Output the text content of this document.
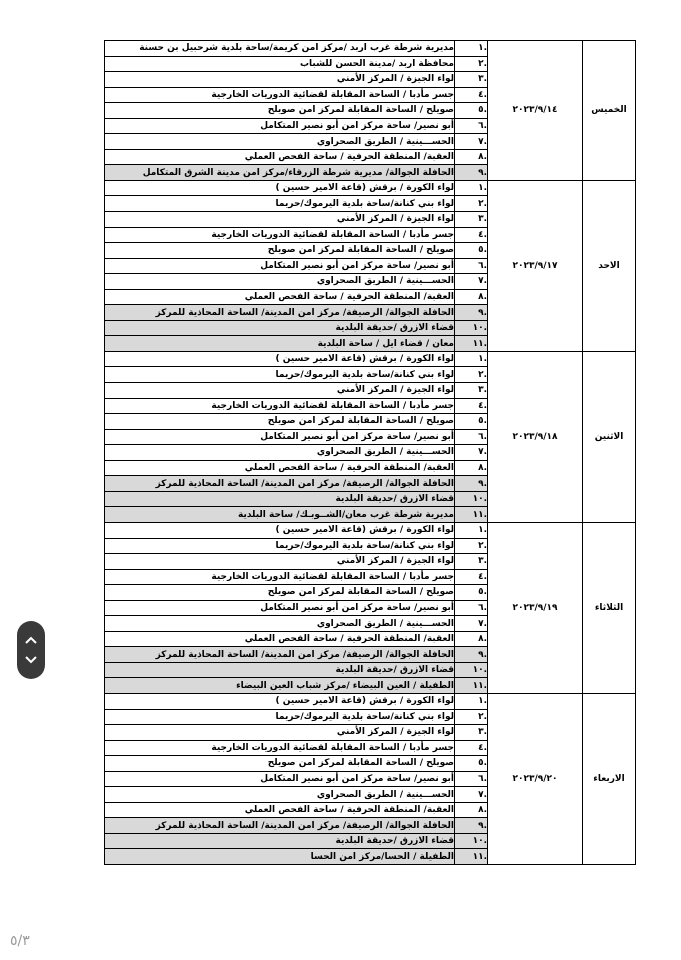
الخميس	٢٠٢٣/٩/١٤	.١	مديرية شرطة غرب اربد /مركز امن كريمة/ساحة بلدية شرحبيل بن حسنة
		.٢	محافظة اربد /مدينة الحسن للشباب
		.٣	لواء الجيزة / المركز الأمني
		.٤	جسر مأدبا / الساحة المقابلة لقضائية الدوريات الخارجية
		.٥	صويلح / الساحة المقابلة لمركز امن صويلح
		.٦	أبو نصير/ ساحة مركز امن أبو نصير المتكامل
		.٧	الحســـينية / الطريق الصحراوي
		.٨	العقبة/ المنطقة الحرفية / ساحة الفحص العملي
		.٩	الحافلة الجوالة/ مديرية شرطة الزرقاء/مركز امن مدينة الشرق المتكامل
الاحد	٢٠٢٣/٩/١٧	.١	لواء الكورة / برقش (قاعة الامير حسين )
		.٢	لواء بني كنانة/ساحة بلدية اليرموك/حريما
		.٣	لواء الجيزة / المركز الأمني
		.٤	جسر مأدبا / الساحة المقابلة لقضائية الدوريات الخارجية
		.٥	صويلح / الساحة المقابلة لمركز امن صويلح
		.٦	أبو نصير/ ساحة مركز امن أبو نصير المتكامل
		.٧	الحســـينية / الطريق الصحراوي
		.٨	العقبة/ المنطقة الحرفية / ساحة الفحص العملي
		.٩	الحافلة الجوالة/ الرصيفة/ مركز امن المدينة/ الساحة المحاذية للمركز
		.١٠	قضاء الازرق /حديقة البلدية
		.١١	معان / قضاء ايل / ساحة البلدية
الاثنين	٢٠٢٣/٩/١٨	.١	لواء الكورة / برقش (قاعة الامير حسين )
		.٢	لواء بني كنانة/ساحة بلدية اليرموك/حريما
		.٣	لواء الجيزة / المركز الأمني
		.٤	جسر مأدبا / الساحة المقابلة لقضائية الدوريات الخارجية
		.٥	صويلح / الساحة المقابلة لمركز امن صويلح
		.٦	أبو نصير/ ساحة مركز امن أبو نصير المتكامل
		.٧	الحســـينية / الطريق الصحراوي
		.٨	العقبة/ المنطقة الحرفية / ساحة الفحص العملي
		.٩	الحافلة الجوالة/ الرصيفة/ مركز امن المدينة/ الساحة المحاذية للمركز
		.١٠	قضاء الازرق /حديقة البلدية
		.١١	مديرية شرطة غرب معان/الشــوبـك/ ساحة البلدية
الثلاثاء	٢٠٢٣/٩/١٩	.١	لواء الكورة / برقش (قاعة الامير حسين )
		.٢	لواء بني كنانة/ساحة بلدية اليرموك/حريما
		.٣	لواء الجيزة / المركز الأمني
		.٤	جسر مأدبا / الساحة المقابلة لقضائية الدوريات الخارجية
		.٥	صويلح / الساحة المقابلة لمركز امن صويلح
		.٦	أبو نصير/ ساحة مركز امن أبو نصير المتكامل
		.٧	الحســـينية / الطريق الصحراوي
		.٨	العقبة/ المنطقة الحرفية / ساحة الفحص العملي
		.٩	الحافلة الجوالة/ الرصيفة/ مركز امن المدينة/ الساحة المحاذية للمركز
		.١٠	قضاء الازرق /حديقة البلدية
		.١١	الطفيلة / العين البيضاء /مركز شباب العين البيضاء
الاربعاء	٢٠٢٣/٩/٢٠	.١	لواء الكورة / برقش (قاعة الامير حسين )
		.٢	لواء بني كنانة/ساحة بلدية اليرموك/حريما
		.٣	لواء الجيزة / المركز الأمني
		.٤	جسر مأدبا / الساحة المقابلة لقضائية الدوريات الخارجية
		.٥	صويلح / الساحة المقابلة لمركز امن صويلح
		.٦	أبو نصير/ ساحة مركز امن أبو نصير المتكامل
		.٧	الحســـينية / الطريق الصحراوي
		.٨	العقبة/ المنطقة الحرفية / ساحة الفحص العملي
		.٩	الحافلة الجوالة/ الرصيفة/ مركز امن المدينة/ الساحة المحاذية للمركز
		.١٠	قضاء الازرق /حديقة البلدية
		.١١	الطفيلة / الحسا/مركز امن الحسا
٥/٣
